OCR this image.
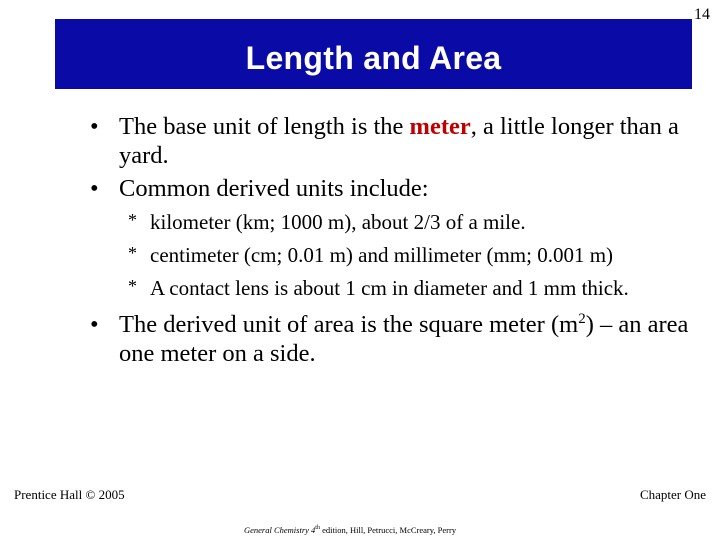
14
Length and Area
• The base unit of length is the meter, a little longer than a yard.
• Common derived units include:
* kilometer (km; 1000 m), about 2/3 of a mile.
* centimeter (cm; 0.01 m) and millimeter (mm; 0.001 m)
* A contact lens is about 1 cm in diameter and 1 mm thick.
• The derived unit of area is the square meter $(m^2)$ – an area one meter on a side.
Prentice Hall © 2005
General Chemistry 4th edition, Hill, Petrucci, McCreary, Perry
Chapter One
